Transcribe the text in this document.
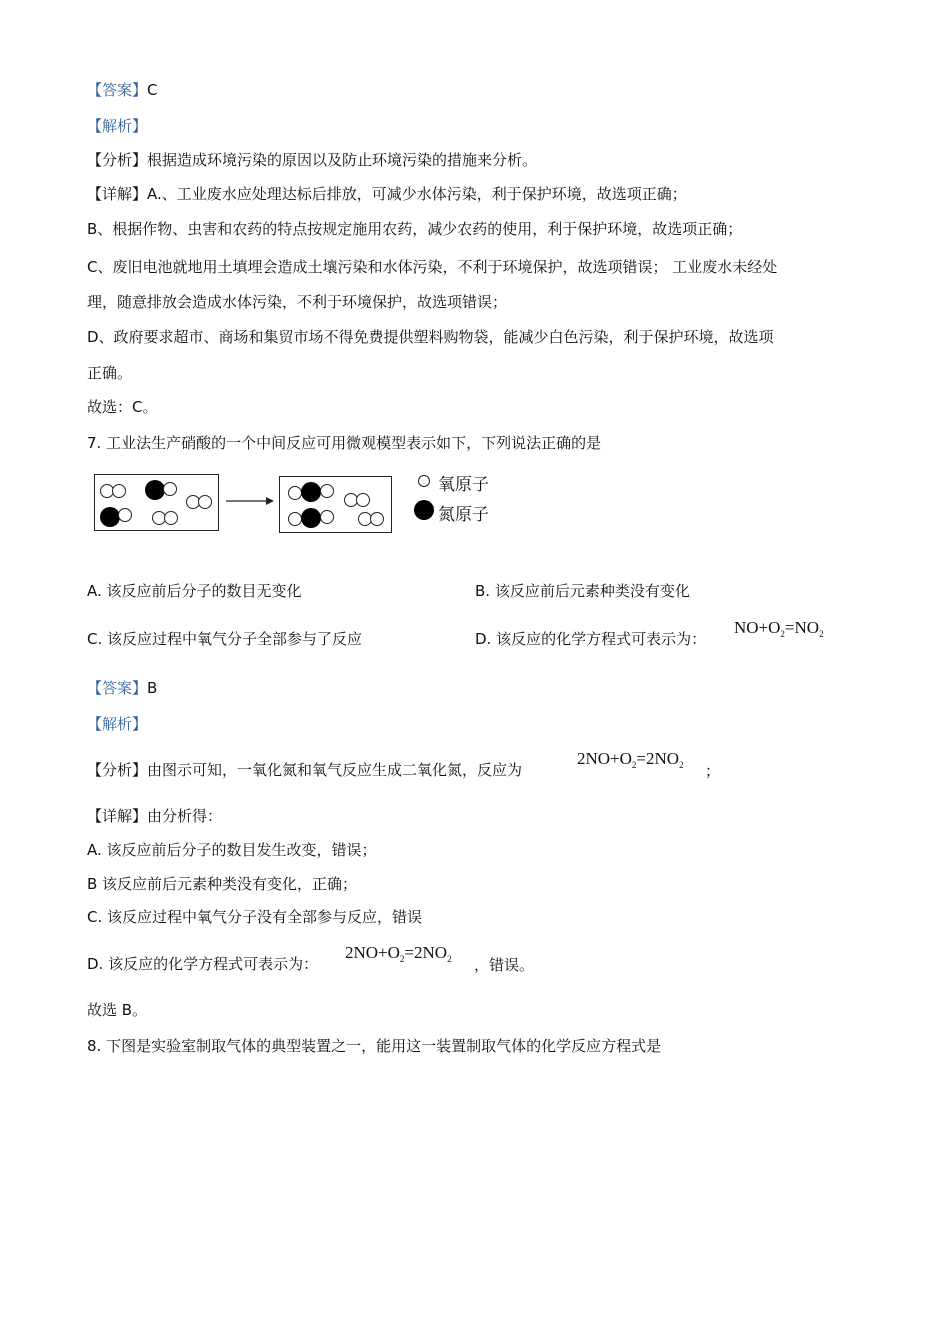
【答案】C
【解析】
【分析】根据造成环境污染的原因以及防止环境污染的措施来分析。
【详解】A.、工业废水应处理达标后排放，可减少水体污染，利于保护环境，故选项正确；
B、根据作物、虫害和农药的特点按规定施用农药，减少农药的使用，利于保护环境，故选项正确；
C、废旧电池就地用土填埋会造成土壤污染和水体污染，不利于环境保护，故选项错误； 工业废水未经处
理，随意排放会造成水体污染，不利于环境保护，故选项错误；
D、政府要求超市、商场和集贸市场不得免费提供塑料购物袋，能减少白色污染，利于保护环境，故选项
正确。
故选：C。
7. 工业法生产硝酸的一个中间反应可用微观模型表示如下，下列说法正确的是
氧原子
氮原子
A. 该反应前后分子的数目无变化	B. 该反应前后元素种类没有变化
C. 该反应过程中氧气分子全部参与了反应	D. 该反应的化学方程式可表示为：
$NO+O_2=NO_2$
【答案】B
【解析】
【分析】由图示可知，一氧化氮和氧气反应生成二氧化氮，反应为
$2NO+O_2=2NO_2$ ；
【详解】由分析得：
A. 该反应前后分子的数目发生改变，错误；
B 该反应前后元素种类没有变化，正确；
C. 该反应过程中氧气分子没有全部参与反应，错误
D. 该反应的化学方程式可表示为：
$2NO+O_2=2NO_2$ ，错误。
故选 B。
8. 下图是实验室制取气体的典型装置之一，能用这一装置制取气体的化学反应方程式是
